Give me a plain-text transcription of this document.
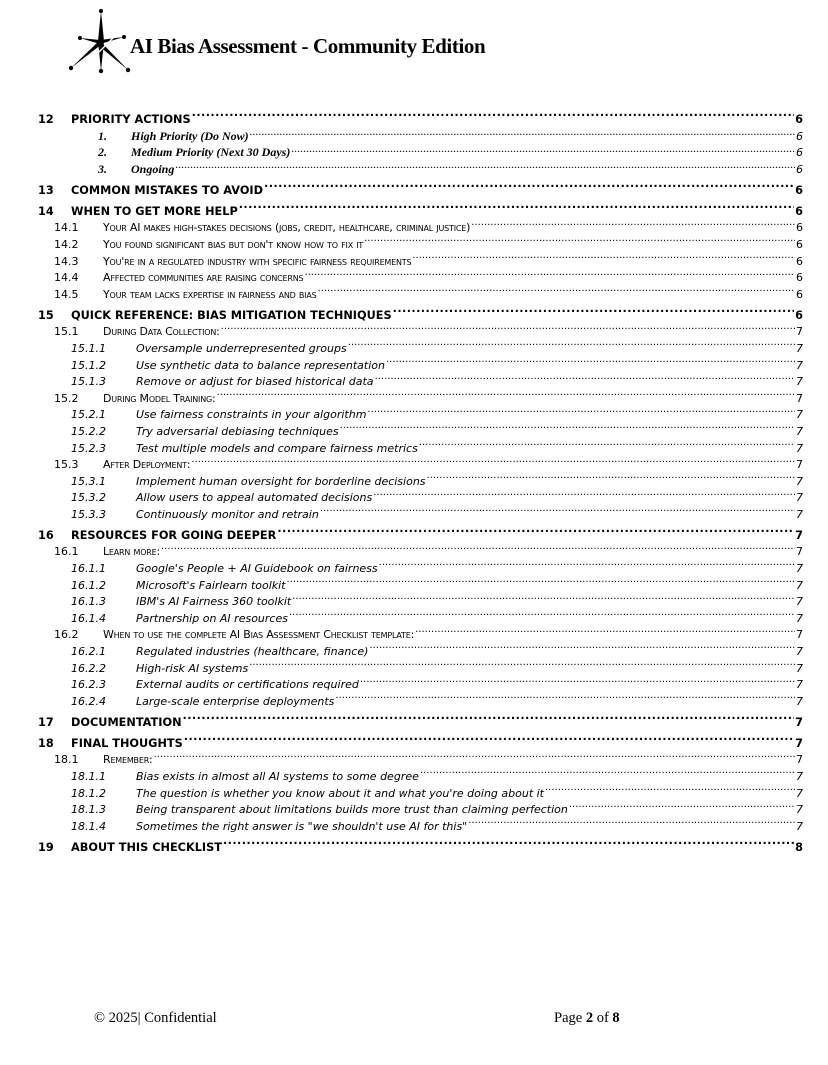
AI Bias Assessment - Community Edition
12	PRIORITY ACTIONS .....	6
1.	High Priority (Do Now) .....	6
2.	Medium Priority (Next 30 Days) .....	6
3.	Ongoing .....	6
13	COMMON MISTAKES TO AVOID .....	6
14	WHEN TO GET MORE HELP .....	6
14.1	Your AI makes high-stakes decisions (jobs, credit, healthcare, criminal justice) .....	6
14.2	You found significant bias but don't know how to fix it .....	6
14.3	You're in a regulated industry with specific fairness requirements .....	6
14.4	Affected communities are raising concerns .....	6
14.5	Your team lacks expertise in fairness and bias .....	6
15	QUICK REFERENCE: BIAS MITIGATION TECHNIQUES .....	6
15.1	During Data Collection: .....	7
15.1.1	Oversample underrepresented groups .....	7
15.1.2	Use synthetic data to balance representation .....	7
15.1.3	Remove or adjust for biased historical data .....	7
15.2	During Model Training: .....	7
15.2.1	Use fairness constraints in your algorithm .....	7
15.2.2	Try adversarial debiasing techniques .....	7
15.2.3	Test multiple models and compare fairness metrics .....	7
15.3	After Deployment: .....	7
15.3.1	Implement human oversight for borderline decisions .....	7
15.3.2	Allow users to appeal automated decisions .....	7
15.3.3	Continuously monitor and retrain .....	7
16	RESOURCES FOR GOING DEEPER .....	7
16.1	Learn more: .....	7
16.1.1	Google's People + AI Guidebook on fairness .....	7
16.1.2	Microsoft's Fairlearn toolkit .....	7
16.1.3	IBM's AI Fairness 360 toolkit .....	7
16.1.4	Partnership on AI resources .....	7
16.2	When to use the complete AI Bias Assessment Checklist template: .....	7
16.2.1	Regulated industries (healthcare, finance) .....	7
16.2.2	High-risk AI systems .....	7
16.2.3	External audits or certifications required .....	7
16.2.4	Large-scale enterprise deployments .....	7
17	DOCUMENTATION .....	7
18	FINAL THOUGHTS .....	7
18.1	Remember: .....	7
18.1.1	Bias exists in almost all AI systems to some degree .....	7
18.1.2	The question is whether you know about it and what you're doing about it .....	7
18.1.3	Being transparent about limitations builds more trust than claiming perfection .....	7
18.1.4	Sometimes the right answer is "we shouldn't use AI for this" .....	7
19	ABOUT THIS CHECKLIST .....	8
© 2025| Confidential	Page 2 of 8
